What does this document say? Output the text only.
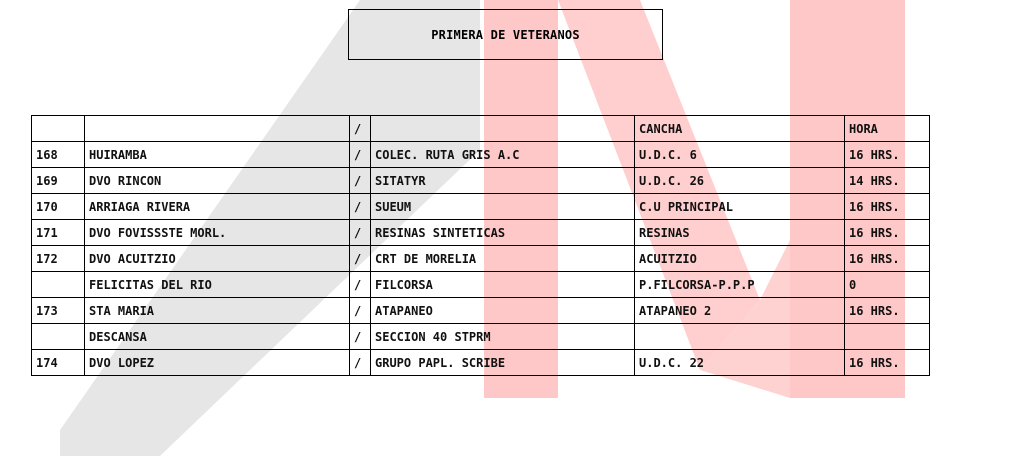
PRIMERA DE VETERANOS
		/		CANCHA	HORA
168	HUIRAMBA	/	COLEC. RUTA GRIS A.C	U.D.C. 6	16 HRS.
169	DVO RINCON	/	SITATYR	U.D.C. 26	14 HRS.
170	ARRIAGA RIVERA	/	SUEUM	C.U PRINCIPAL	16 HRS.
171	DVO FOVISSSTE MORL.	/	RESINAS SINTETICAS	RESINAS	16 HRS.
172	DVO ACUITZIO	/	CRT DE MORELIA	ACUITZIO	16 HRS.
	FELICITAS DEL RIO	/	FILCORSA	P.FILCORSA-P.P.P	0
173	STA MARIA	/	ATAPANEO	ATAPANEO 2	16 HRS.
	DESCANSA	/	SECCION 40 STPRM		
174	DVO LOPEZ	/	GRUPO PAPL. SCRIBE	U.D.C. 22	16 HRS.
